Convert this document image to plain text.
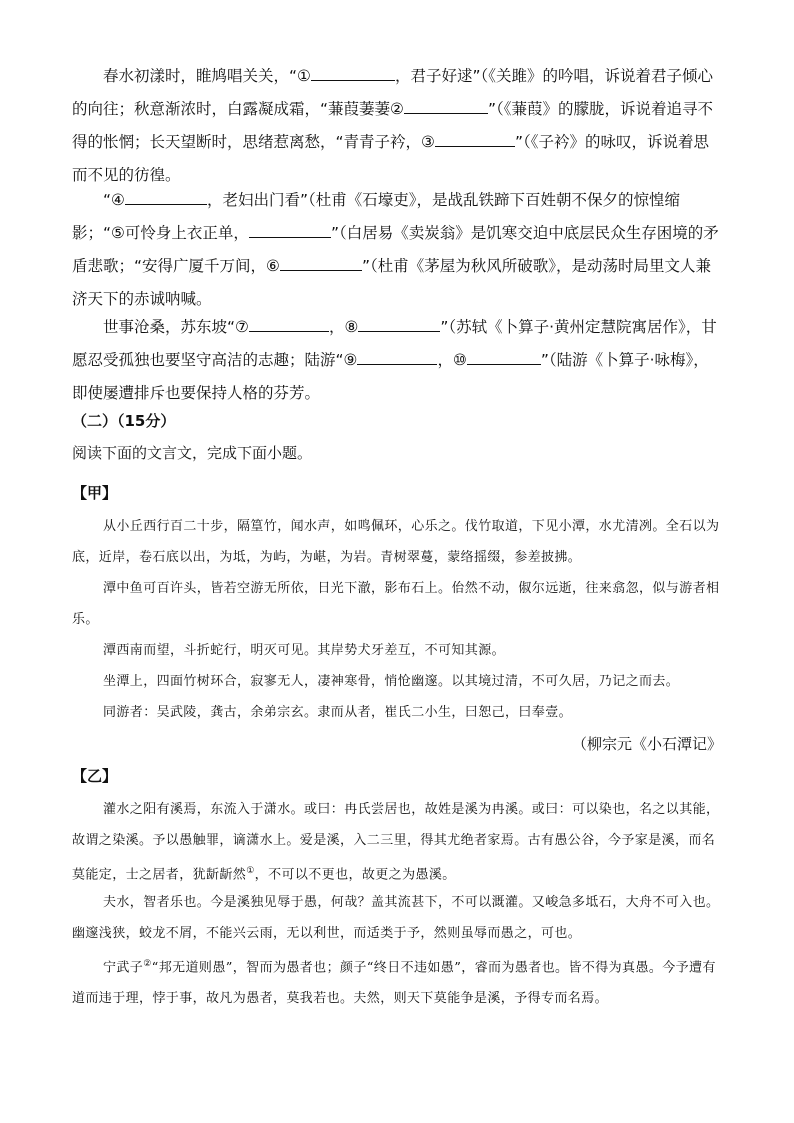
春水初漾时，睢鸠唱关关，“①	，君子好逑”（《关雎》的吟唱，诉说着君子倾心的向往；秋意渐浓时，白露凝成霜，“蒹葭萋萋②	”（《蒹葭》的朦胧，诉说着追寻不得的怅惘；长天望断时，思绪惹离愁，“青青子衿，③	”（《子衿》的咏叹，诉说着思而不见的彷徨。
“④	，老妇出门看”（杜甫《石壕吏》，是战乱铁蹄下百姓朝不保夕的惊惶缩影；“⑤可怜身上衣正单，	”（白居易《卖炭翁》是饥寒交迫中底层民众生存困境的矛盾悲歌；“安得广厦千万间，⑥	”（杜甫《茅屋为秋风所破歌》，是动荡时局里文人兼济天下的赤诚呐喊。
世事沧桑，苏东坡“⑦	，⑧	”（苏轼《卜算子·黄州定慧院寓居作》，甘愿忍受孤独也要坚守高洁的志趣；陆游“⑨	，⑩	”（陆游《卜算子·咏梅》，即使屡遭排斥也要保持人格的芬芳。
（二）（15分）
阅读下面的文言文，完成下面小题。
【甲】
从小丘西行百二十步，隔篁竹，闻水声，如鸣佩环，心乐之。伐竹取道，下见小潭，水尤清冽。全石以为底，近岸，卷石底以出，为坻，为屿，为嵁，为岩。青树翠蔓，蒙络摇缀，参差披拂。
潭中鱼可百许头，皆若空游无所依，日光下澈，影布石上。佁然不动，俶尔远逝，往来翕忽，似与游者相乐。
潭西南而望，斗折蛇行，明灭可见。其岸势犬牙差互，不可知其源。
坐潭上，四面竹树环合，寂寥无人，凄神寒骨，悄怆幽邃。以其境过清，不可久居，乃记之而去。
同游者：吴武陵，龚古，余弟宗玄。隶而从者，崔氏二小生，曰恕己，曰奉壹。
（柳宗元《小石潭记》
【乙】
灌水之阳有溪焉，东流入于潇水。或曰：冉氏尝居也，故姓是溪为冉溪。或曰：可以染也，名之以其能，故谓之染溪。予以愚触罪，谪潇水上。爱是溪，入二三里，得其尤绝者家焉。古有愚公谷，今予家是溪，而名莫能定，士之居者，犹龂龂然①，不可以不更也，故更之为愚溪。
夫水，智者乐也。今是溪独见辱于愚，何哉？盖其流甚下，不可以溉灌。又峻急多坻石，大舟不可入也。幽邃浅狭，蛟龙不屑，不能兴云雨，无以利世，而适类于予，然则虽辱而愚之，可也。
宁武子②“邦无道则愚”，智而为愚者也；颜子“终日不违如愚”，睿而为愚者也。皆不得为真愚。今予遭有道而违于理，悖于事，故凡为愚者，莫我若也。夫然，则天下莫能争是溪，予得专而名焉。
